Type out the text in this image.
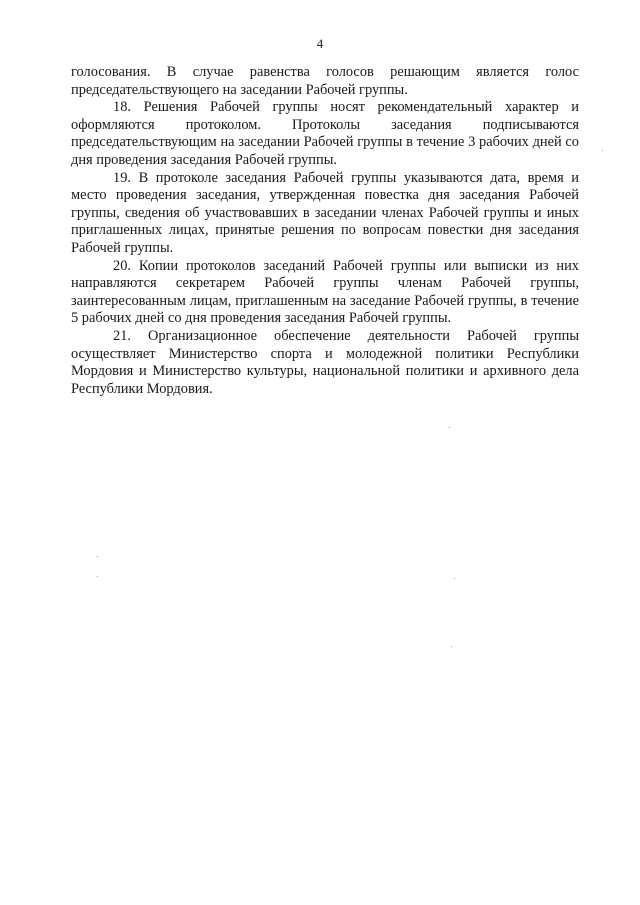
4

голосования. В случае равенства голосов решающим является голос председательствующего на заседании Рабочей группы.

18. Решения Рабочей группы носят рекомендательный характер и оформляются протоколом. Протоколы заседания подписываются председательствующим на заседании Рабочей группы в течение 3 рабочих дней со дня проведения заседания Рабочей группы.

19. В протоколе заседания Рабочей группы указываются дата, время и место проведения заседания, утвержденная повестка дня заседания Рабочей группы, сведения об участвовавших в заседании членах Рабочей группы и иных приглашенных лицах, принятые решения по вопросам повестки дня заседания Рабочей группы.

20. Копии протоколов заседаний Рабочей группы или выписки из них направляются секретарем Рабочей группы членам Рабочей группы, заинтересованным лицам, приглашенным на заседание Рабочей группы, в течение 5 рабочих дней со дня проведения заседания Рабочей группы.

21. Организационное обеспечение деятельности Рабочей группы осуществляет Министерство спорта и молодежной политики Республики Мордовия и Министерство культуры, национальной политики и архивного дела Республики Мордовия.
